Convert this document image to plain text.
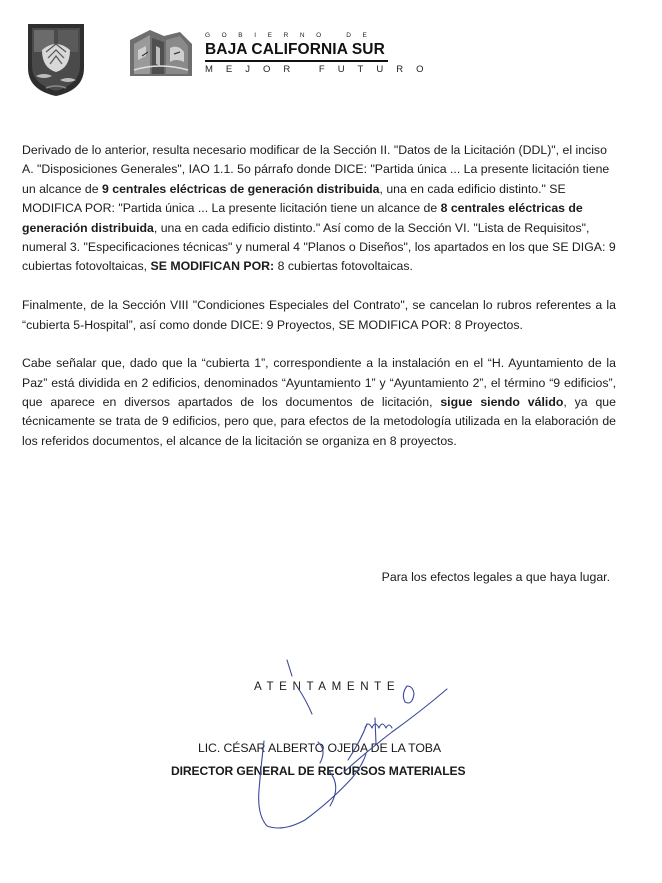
GOBIERNO DE
BAJA CALIFORNIA SUR
MEJOR FUTURO

Derivado de lo anterior, resulta necesario modificar de la Sección II. "Datos de la Licitación (DDL)", el inciso A. "Disposiciones Generales", IAO 1.1. 5o párrafo donde DICE: "Partida única ... La presente licitación tiene un alcance de 9 centrales eléctricas de generación distribuida, una en cada edificio distinto." SE MODIFICA POR: "Partida única ... La presente licitación tiene un alcance de 8 centrales eléctricas de generación distribuida, una en cada edificio distinto." Así como de la Sección VI. "Lista de Requisitos", numeral 3. "Especificaciones técnicas" y numeral 4 "Planos o Diseños", los apartados en los que SE DIGA: 9 cubiertas fotovoltaicas, SE MODIFICAN POR: 8 cubiertas fotovoltaicas.

Finalmente, de la Sección VIII "Condiciones Especiales del Contrato", se cancelan lo rubros referentes a la “cubierta 5-Hospital”, así como donde DICE: 9 Proyectos, SE MODIFICA POR: 8 Proyectos.

Cabe señalar que, dado que la “cubierta 1”, correspondiente a la instalación en el “H. Ayuntamiento de la Paz” está dividida en 2 edificios, denominados “Ayuntamiento 1” y “Ayuntamiento 2”, el término “9 edificios”, que aparece en diversos apartados de los documentos de licitación, sigue siendo válido, ya que técnicamente se trata de 9 edificios, pero que, para efectos de la metodología utilizada en la elaboración de los referidos documentos, el alcance de la licitación se organiza en 8 proyectos.

Para los efectos legales a que haya lugar.
ATENTAMENTE
LIC. CÉSAR ALBERTO OJEDA DE LA TOBA
DIRECTOR GENERAL DE RECURSOS MATERIALES
